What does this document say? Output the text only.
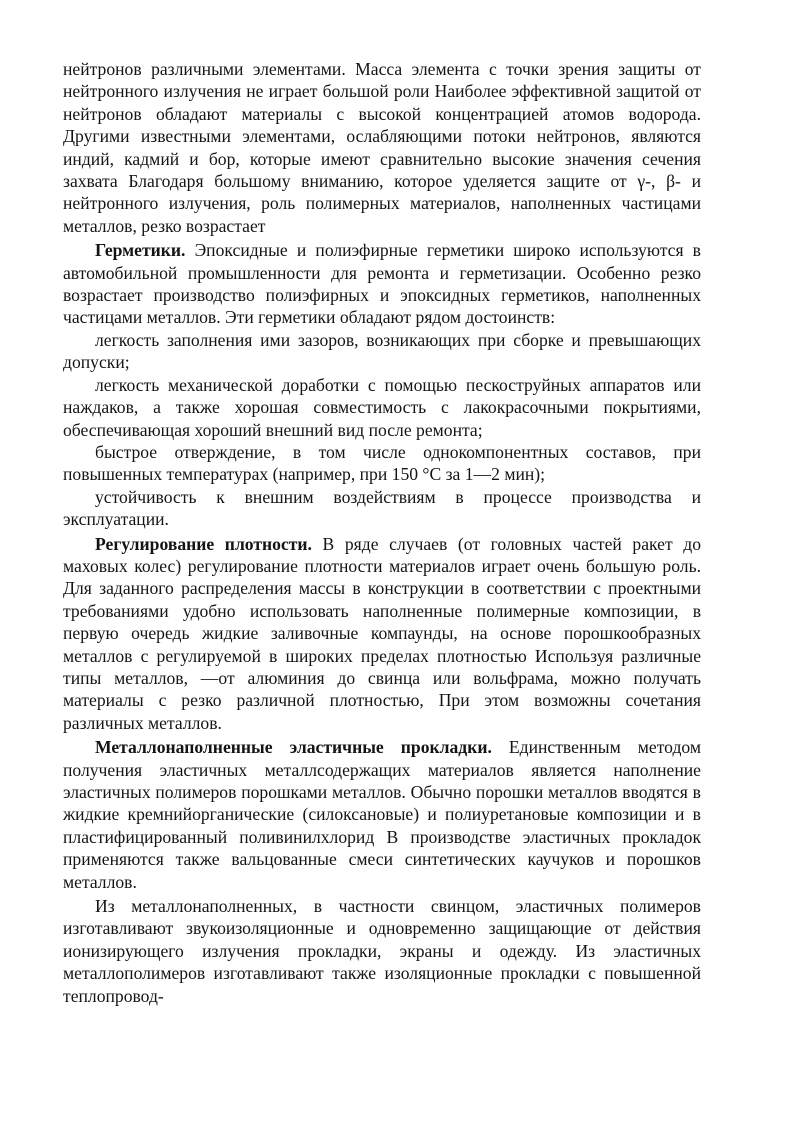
нейтронов различными элементами. Масса элемента с точки зрения защиты от нейтронного излучения не играет большой роли Наиболее эффективной защитой от нейтронов обладают материалы с высокой концентрацией атомов водорода. Другими известными элементами, ослабляющими потоки нейтронов, являются индий, кадмий и бор, которые имеют сравнительно высокие значения сечения захвата Благодаря большому вниманию, которое уделяется защите от γ-, β- и нейтронного излучения, роль полимерных материалов, наполненных частицами металлов, резко возрастает

Герметики. Эпоксидные и полиэфирные герметики широко используются в автомобильной промышленности для ремонта и герметизации. Особенно резко возрастает производство полиэфирных и эпоксидных герметиков, наполненных частицами металлов. Эти герметики обладают рядом достоинств:

легкость заполнения ими зазоров, возникающих при сборке и превышающих допуски;

легкость механической доработки с помощью пескоструйных аппаратов или наждаков, а также хорошая совместимость с лакокрасочными покрытиями, обеспечивающая хороший внешний вид после ремонта;

быстрое отверждение, в том числе однокомпонентных составов, при повышенных температурах (например, при 150 °С за 1—2 мин);

устойчивость к внешним воздействиям в процессе производства и эксплуатации.

Регулирование плотности. В ряде случаев (от головных частей ракет до маховых колес) регулирование плотности материалов играет очень большую роль. Для заданного распределения массы в конструкции в соответствии с проектными требованиями удобно использовать наполненные полимерные композиции, в первую очередь жидкие заливочные компаунды, на основе порошкообразных металлов с регулируемой в широких пределах плотностью Используя различные типы металлов, —от алюминия до свинца или вольфрама, можно получать материалы с резко различной плотностью, При этом возможны сочетания различных металлов.

Металлонаполненные эластичные прокладки. Единственным методом получения эластичных металлсодержащих материалов является наполнение эластичных полимеров порошками металлов. Обычно порошки металлов вводятся в жидкие кремнийорганические (силоксановые) и полиуретановые композиции и в пластифицированный поливинилхлорид В производстве эластичных прокладок применяются также вальцованные смеси синтетических каучуков и порошков металлов.

Из металлонаполненных, в частности свинцом, эластичных полимеров изготавливают звукоизоляционные и одновременно защищающие от действия ионизирующего излучения прокладки, экраны и одежду. Из эластичных металлополимеров изготавливают также изоляционные прокладки с повышенной теплопровод-
